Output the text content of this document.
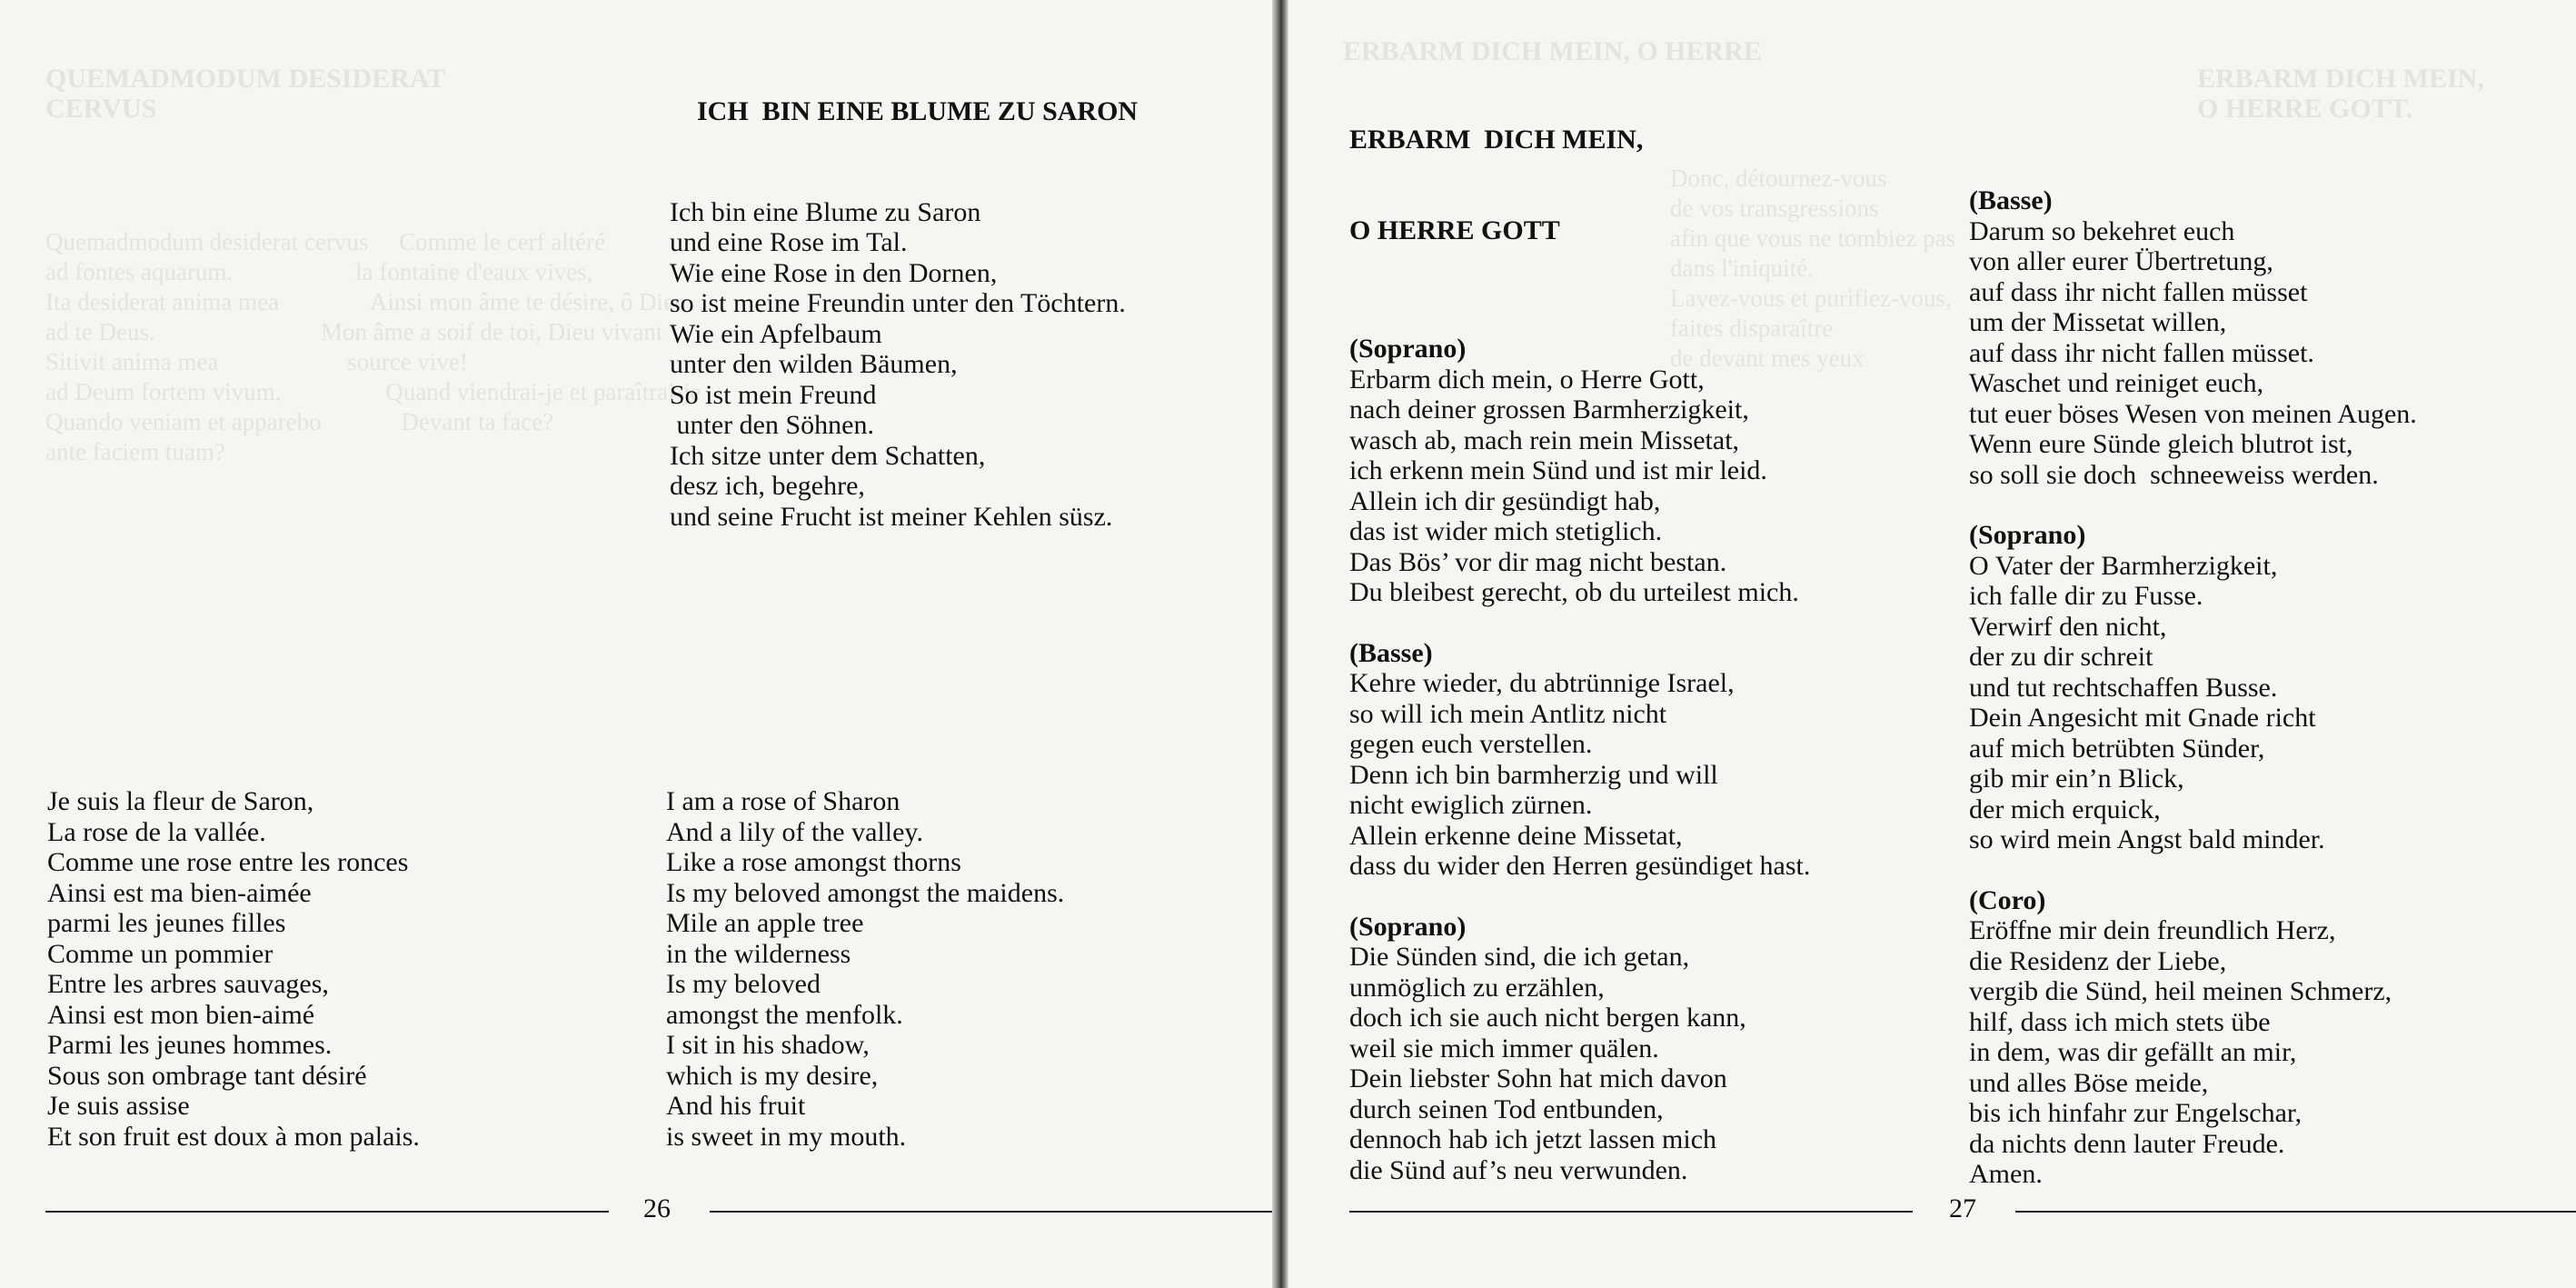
QUEMADMODUM DESIDERAT
CERVUS
Quemadmodum desiderat cervus     Comme le cerf altéré
ad fontes aquarum.                    la fontaine d'eaux vives,
Ita desiderat anima mea               Ainsi mon âme te désire, ô Dieu
ad te Deus.                           Mon âme a soif de toi, Dieu vivant
Sitivit anima mea                     source vive!
ad Deum fortem vivum.                 Quand viendrai-je et paraîtrai-je
Quando veniam et apparebo             Devant ta face?
ante faciem tuam?

ICH  BIN EINE BLUME ZU SARON

Ich bin eine Blume zu Saron
und eine Rose im Tal.
Wie eine Rose in den Dornen,
so ist meine Freundin unter den Töchtern.
Wie ein Apfelbaum
unter den wilden Bäumen,
So ist mein Freund
unter den Söhnen.
Ich sitze unter dem Schatten,
desz ich, begehre,
und seine Frucht ist meiner Kehlen süsz.

Je suis la fleur de Saron,
La rose de la vallée.
Comme une rose entre les ronces
Ainsi est ma bien-aimée
parmi les jeunes filles
Comme un pommier
Entre les arbres sauvages,
Ainsi est mon bien-aimé
Parmi les jeunes hommes.
Sous son ombrage tant désiré
Je suis assise
Et son fruit est doux à mon palais.

I am a rose of Sharon
And a lily of the valley.
Like a rose amongst thorns
Is my beloved amongst the maidens.
Mile an apple tree
in the wilderness
Is my beloved
amongst the menfolk.
I sit in his shadow,
which is my desire,
And his fruit
is sweet in my mouth.

26
ERBARM DICH MEIN, O HERRE
ERBARM DICH MEIN,
O HERRE GOTT.
Donc, détournez-vous
de vos transgressions
afin que vous ne tombiez pas
dans l'iniquité.
Lavez-vous et purifiez-vous,
faites disparaître
de devant mes yeux

ERBARM  DICH MEIN,

O HERRE GOTT

(Soprano)
Erbarm dich mein, o Herre Gott,
nach deiner grossen Barmherzigkeit,
wasch ab, mach rein mein Missetat,
ich erkenn mein Sünd und ist mir leid.
Allein ich dir gesündigt hab,
das ist wider mich stetiglich.
Das Bös’ vor dir mag nicht bestan.
Du bleibest gerecht, ob du urteilest mich.
(Basse)
Kehre wieder, du abtrünnige Israel,
so will ich mein Antlitz nicht
gegen euch verstellen.
Denn ich bin barmherzig und will
nicht ewiglich zürnen.
Allein erkenne deine Missetat,
dass du wider den Herren gesündiget hast.
(Soprano)
Die Sünden sind, die ich getan,
unmöglich zu erzählen,
doch ich sie auch nicht bergen kann,
weil sie mich immer quälen.
Dein liebster Sohn hat mich davon
durch seinen Tod entbunden,
dennoch hab ich jetzt lassen mich
die Sünd auf’s neu verwunden.

(Basse)
Darum so bekehret euch
von aller eurer Übertretung,
auf dass ihr nicht fallen müsset
um der Missetat willen,
auf dass ihr nicht fallen müsset.
Waschet und reiniget euch,
tut euer böses Wesen von meinen Augen.
Wenn eure Sünde gleich blutrot ist,
so soll sie doch  schneeweiss werden.
(Soprano)
O Vater der Barmherzigkeit,
ich falle dir zu Fusse.
Verwirf den nicht,
der zu dir schreit
und tut rechtschaffen Busse.
Dein Angesicht mit Gnade richt
auf mich betrübten Sünder,
gib mir ein’n Blick,
der mich erquick,
so wird mein Angst bald minder.
(Coro)
Eröffne mir dein freundlich Herz,
die Residenz der Liebe,
vergib die Sünd, heil meinen Schmerz,
hilf, dass ich mich stets übe
in dem, was dir gefällt an mir,
und alles Böse meide,
bis ich hinfahr zur Engelschar,
da nichts denn lauter Freude.
Amen.

27
